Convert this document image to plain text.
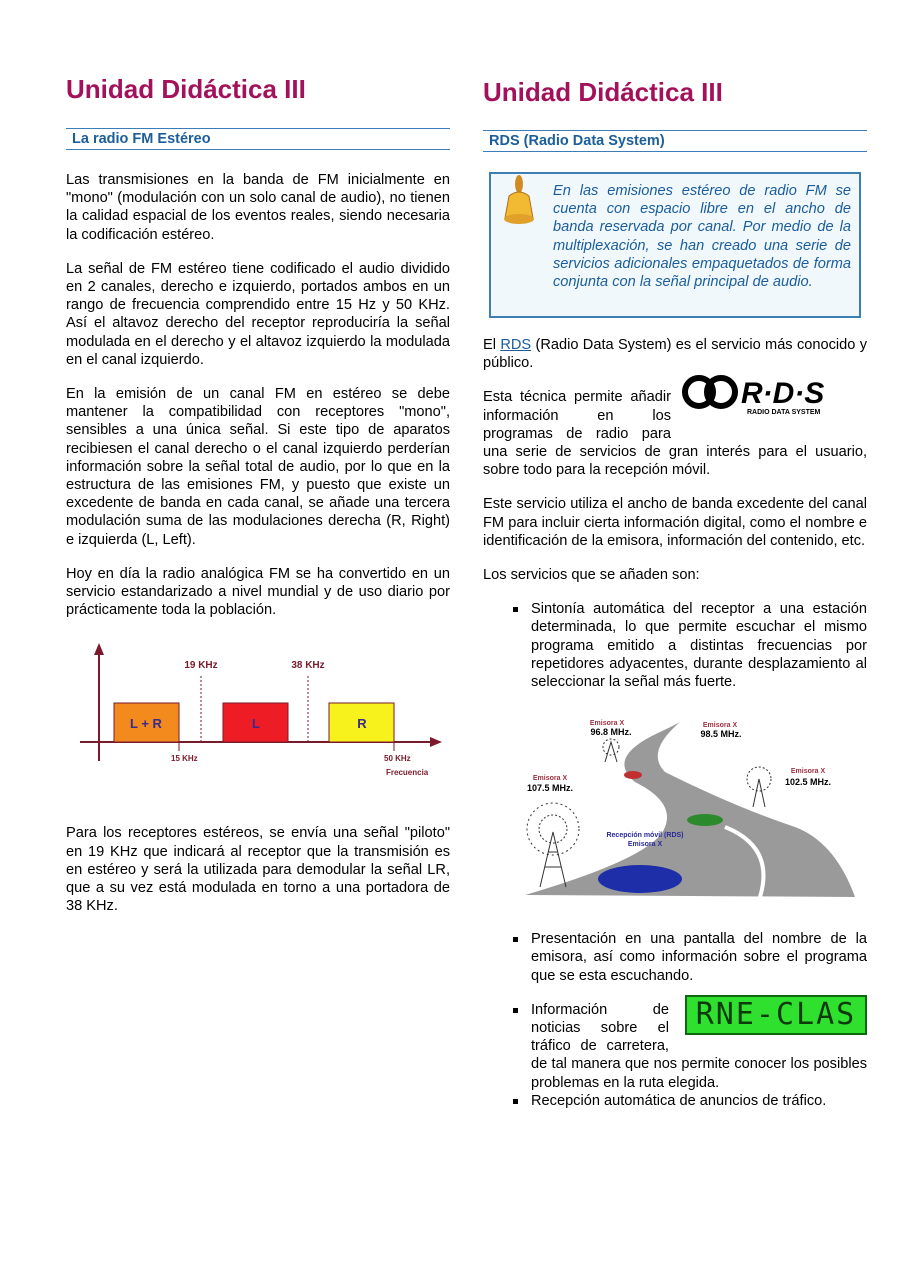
Unidad Didáctica III
La radio FM Estéreo

Las transmisiones en la banda de FM inicialmente en "mono" (modulación con un solo canal de audio), no tienen la calidad espacial de los eventos reales, siendo necesaria la codificación estéreo.

La señal de FM estéreo tiene codificado el audio dividido en 2 canales, derecho e izquierdo, portados ambos en un rango de frecuencia comprendido entre 15 Hz y 50 KHz. Así el altavoz derecho del receptor reproduciría la señal modulada en el derecho y el altavoz izquierdo la modulada en el canal izquierdo.

En la emisión de un canal FM en estéreo se debe mantener la compatibilidad con receptores "mono", sensibles a una única señal. Si este tipo de aparatos recibiesen el canal derecho o el canal izquierdo perderían información sobre la señal total de audio, por lo que en la estructura de las emisiones FM, y puesto que existe un excedente de banda en cada canal, se añade una tercera modulación suma de las modulaciones derecha (R, Right) e izquierda (L, Left).

Hoy en día la radio analógica FM se ha convertido en un servicio estandarizado a nivel mundial y de uso diario por prácticamente toda la población.

L + R	L	R
19 KHz	38 KHz
15 KHz	50 KHz
Frecuencia

Para los receptores estéreos, se envía una señal "piloto" en 19 KHz que indicará al receptor que la transmisión es en estéreo y será la utilizada para demodular la señal LR, que a su vez está modulada en torno a una portadora de 38 KHz.

Unidad Didáctica III
RDS (Radio Data System)

En las emisiones estéreo de radio FM se cuenta con espacio libre en el ancho de banda reservada por canal. Por medio de la multiplexación, se han creado una serie de servicios adicionales empaquetados de forma conjunta con la señal principal de audio.

El RDS (Radio Data System) es el servicio más conocido y público.

R·D·S
RADIO DATA SYSTEM

Esta técnica permite añadir información en los programas de radio para una serie de servicios de gran interés para el usuario, sobre todo para la recepción móvil.

Este servicio utiliza el ancho de banda excedente del canal FM para incluir cierta información digital, como el nombre e identificación de la emisora, información del contenido, etc.

Los servicios que se añaden son:

Sintonía automática del receptor a una estación determinada, lo que permite escuchar el mismo programa emitido a distintas frecuencias por repetidores adyacentes, durante desplazamiento al seleccionar la señal más fuerte.

Emisora X
96.8 MHz.
Emisora X
98.5 MHz.
Emisora X
107.5 MHz.
Emisora X
102.5 MHz.
Recepción móvil (RDS)
Emisora X

Presentación en una pantalla del nombre de la emisora, así como información sobre el programa que se esta escuchando.

RNE-CLAS

Información de noticias sobre el tráfico de carretera, de tal manera que nos permite conocer los posibles problemas en la ruta elegida.

Recepción automática de anuncios de tráfico.
